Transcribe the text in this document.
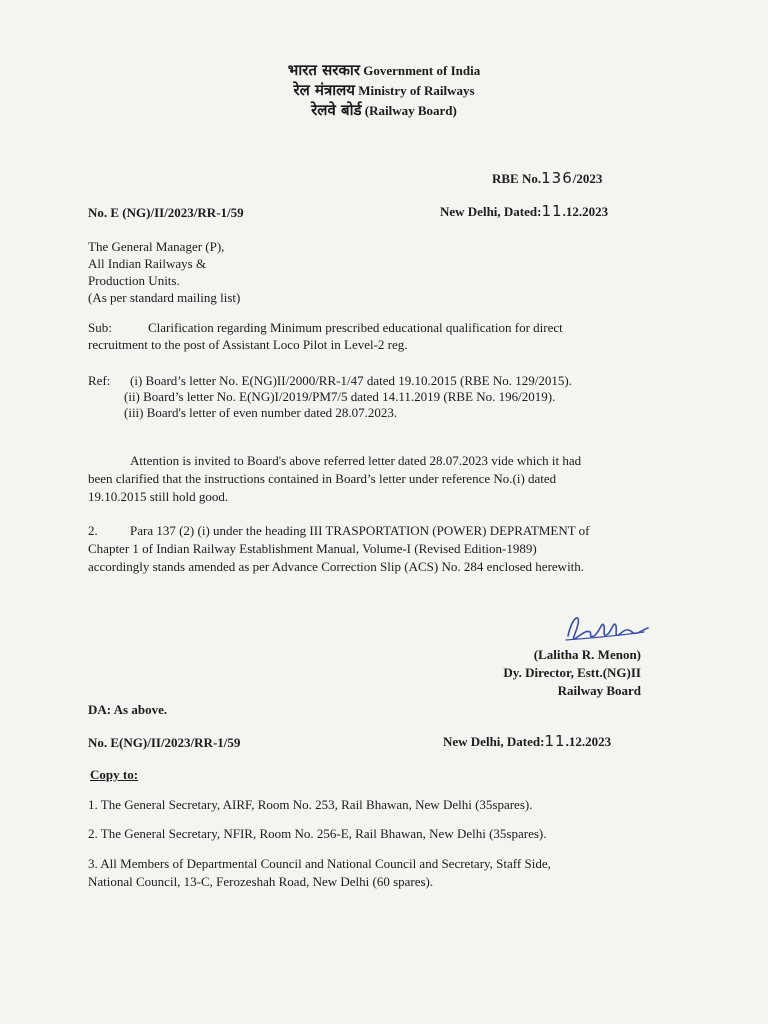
भारत सरकार Government of India
रेल मंत्रालय Ministry of Railways
रेलवे बोर्ड (Railway Board)
RBE No.136/2023
No. E (NG)/II/2023/RR-1/59	New Delhi, Dated:11.12.2023
The General Manager (P),
All Indian Railways &
Production Units.
(As per standard mailing list)
Sub:	Clarification regarding Minimum prescribed educational qualification for direct
recruitment to the post of Assistant Loco Pilot in Level-2 reg.
Ref: (i) Board’s letter No. E(NG)II/2000/RR-1/47 dated 19.10.2015 (RBE No. 129/2015).
(ii) Board’s letter No. E(NG)I/2019/PM7/5 dated 14.11.2019 (RBE No. 196/2019).
(iii) Board's letter of even number dated 28.07.2023.
Attention is invited to Board's above referred letter dated 28.07.2023 vide which it had
been clarified that the instructions contained in Board’s letter under reference No.(i) dated
19.10.2015 still hold good.
2. Para 137 (2) (i) under the heading III TRASPORTATION (POWER) DEPRATMENT of
Chapter 1 of Indian Railway Establishment Manual, Volume-I (Revised Edition-1989)
accordingly stands amended as per Advance Correction Slip (ACS) No. 284 enclosed herewith.
(Lalitha R. Menon)
Dy. Director, Estt.(NG)II
Railway Board
DA: As above.
No. E(NG)/II/2023/RR-1/59	New Delhi, Dated:11.12.2023
Copy to:
1. The General Secretary, AIRF, Room No. 253, Rail Bhawan, New Delhi (35spares).
2. The General Secretary, NFIR, Room No. 256-E, Rail Bhawan, New Delhi (35spares).
3. All Members of Departmental Council and National Council and Secretary, Staff Side,
National Council, 13-C, Ferozeshah Road, New Delhi (60 spares).
